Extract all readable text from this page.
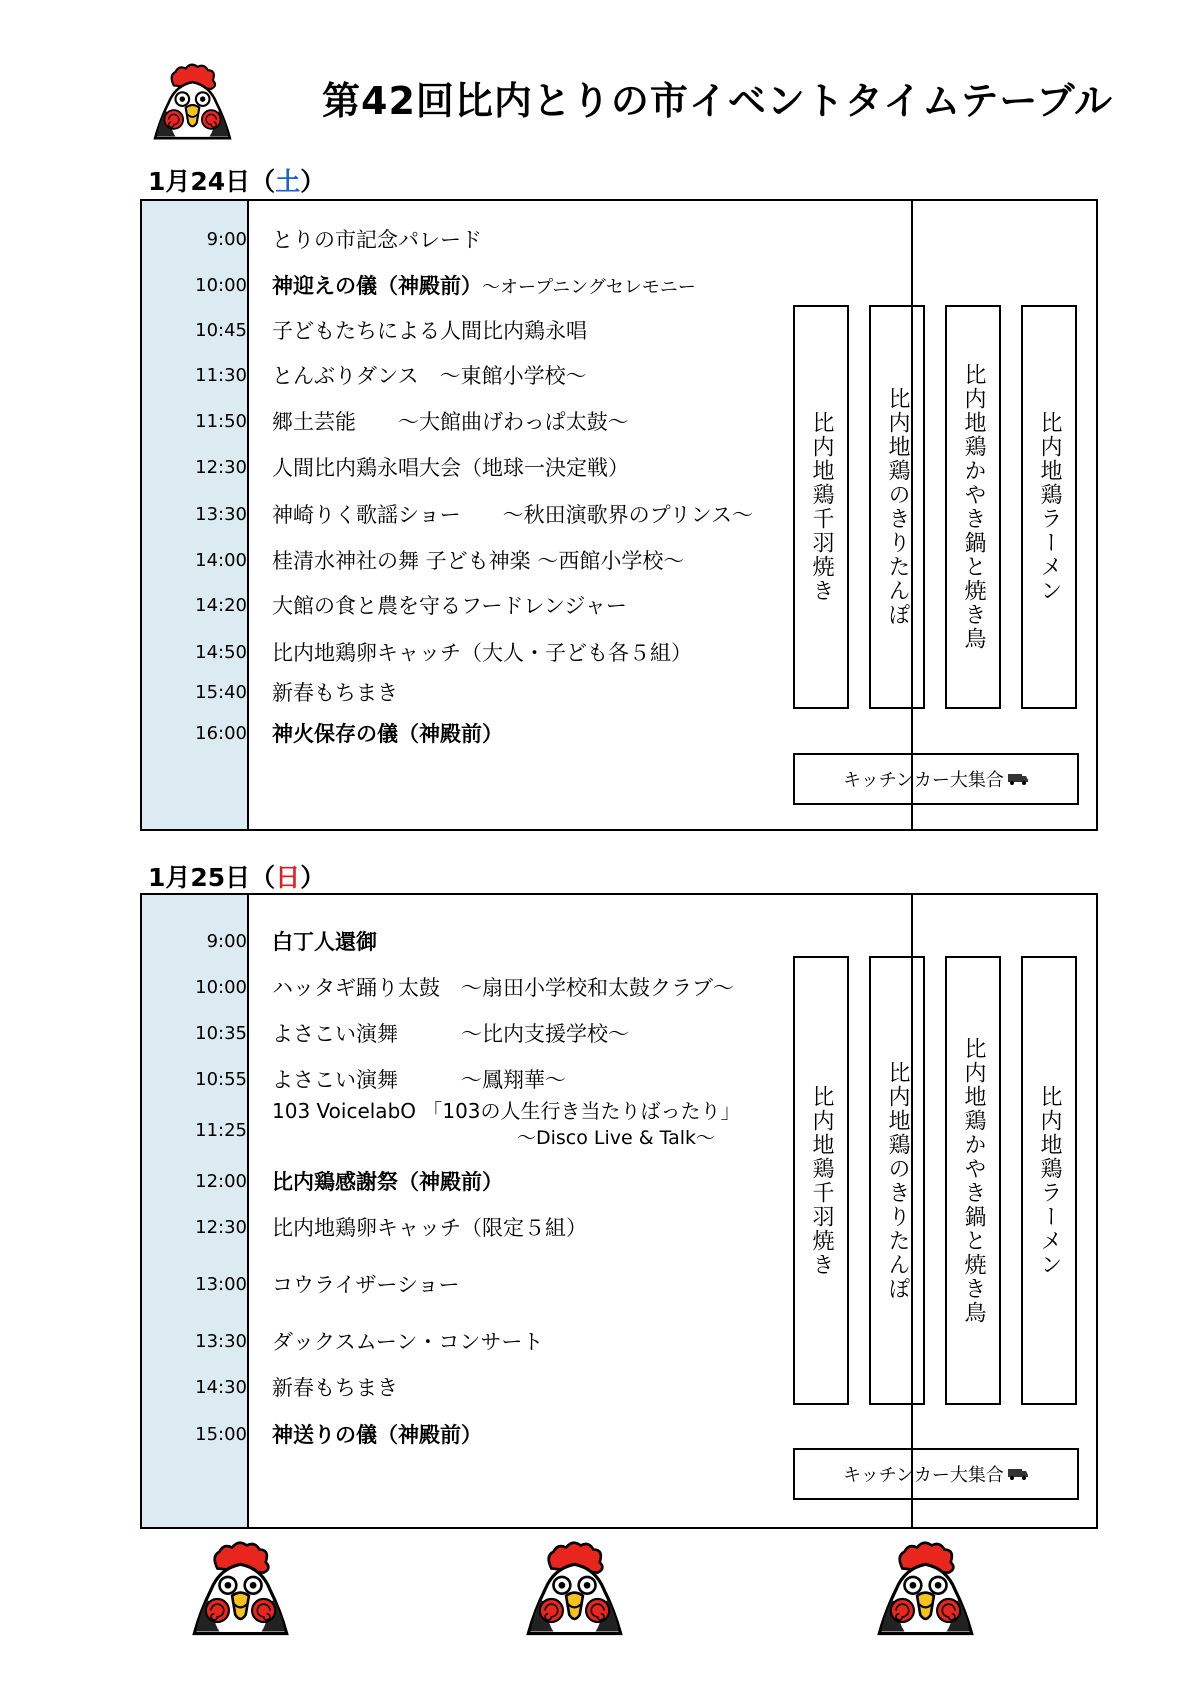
第42回比内とりの市イベントタイムテーブル
1月24日（土）
9:00 とりの市記念パレード
10:00 神迎えの儀（神殿前）～オープニングセレモニー
10:45 子どもたちによる人間比内鶏永唱
11:30 とんぶりダンス　～東館小学校～
11:50 郷土芸能　　～大館曲げわっぱ太鼓～
12:30 人間比内鶏永唱大会（地球一決定戦）
13:30 神崎りく歌謡ショー　　～秋田演歌界のプリンス～
14:00 桂清水神社の舞 子ども神楽 ～西館小学校～
14:20 大館の食と農を守るフードレンジャー
14:50 比内地鶏卵キャッチ（大人・子ども各５組）
15:40 新春もちまき
16:00 神火保存の儀（神殿前）
比内地鶏千羽焼き 比内地鶏のきりたんぽ 比内地鶏かやき鍋と焼き鳥 比内地鶏ラーメン
キッチンカー大集合
1月25日（日）
9:00 白丁人還御
10:00 ハッタギ踊り太鼓　～扇田小学校和太鼓クラブ～
10:35 よさこい演舞　　　～比内支援学校～
10:55 よさこい演舞　　　～鳳翔華～
11:25
103 VoicelabO 「103の人生行き当たりばったり」
～Disco Live & Talk～
12:00 比内鶏感謝祭（神殿前）
12:30 比内地鶏卵キャッチ（限定５組）
13:00 コウライザーショー
13:30 ダックスムーン・コンサート
14:30 新春もちまき
15:00 神送りの儀（神殿前）
比内地鶏千羽焼き 比内地鶏のきりたんぽ 比内地鶏かやき鍋と焼き鳥 比内地鶏ラーメン
キッチンカー大集合
